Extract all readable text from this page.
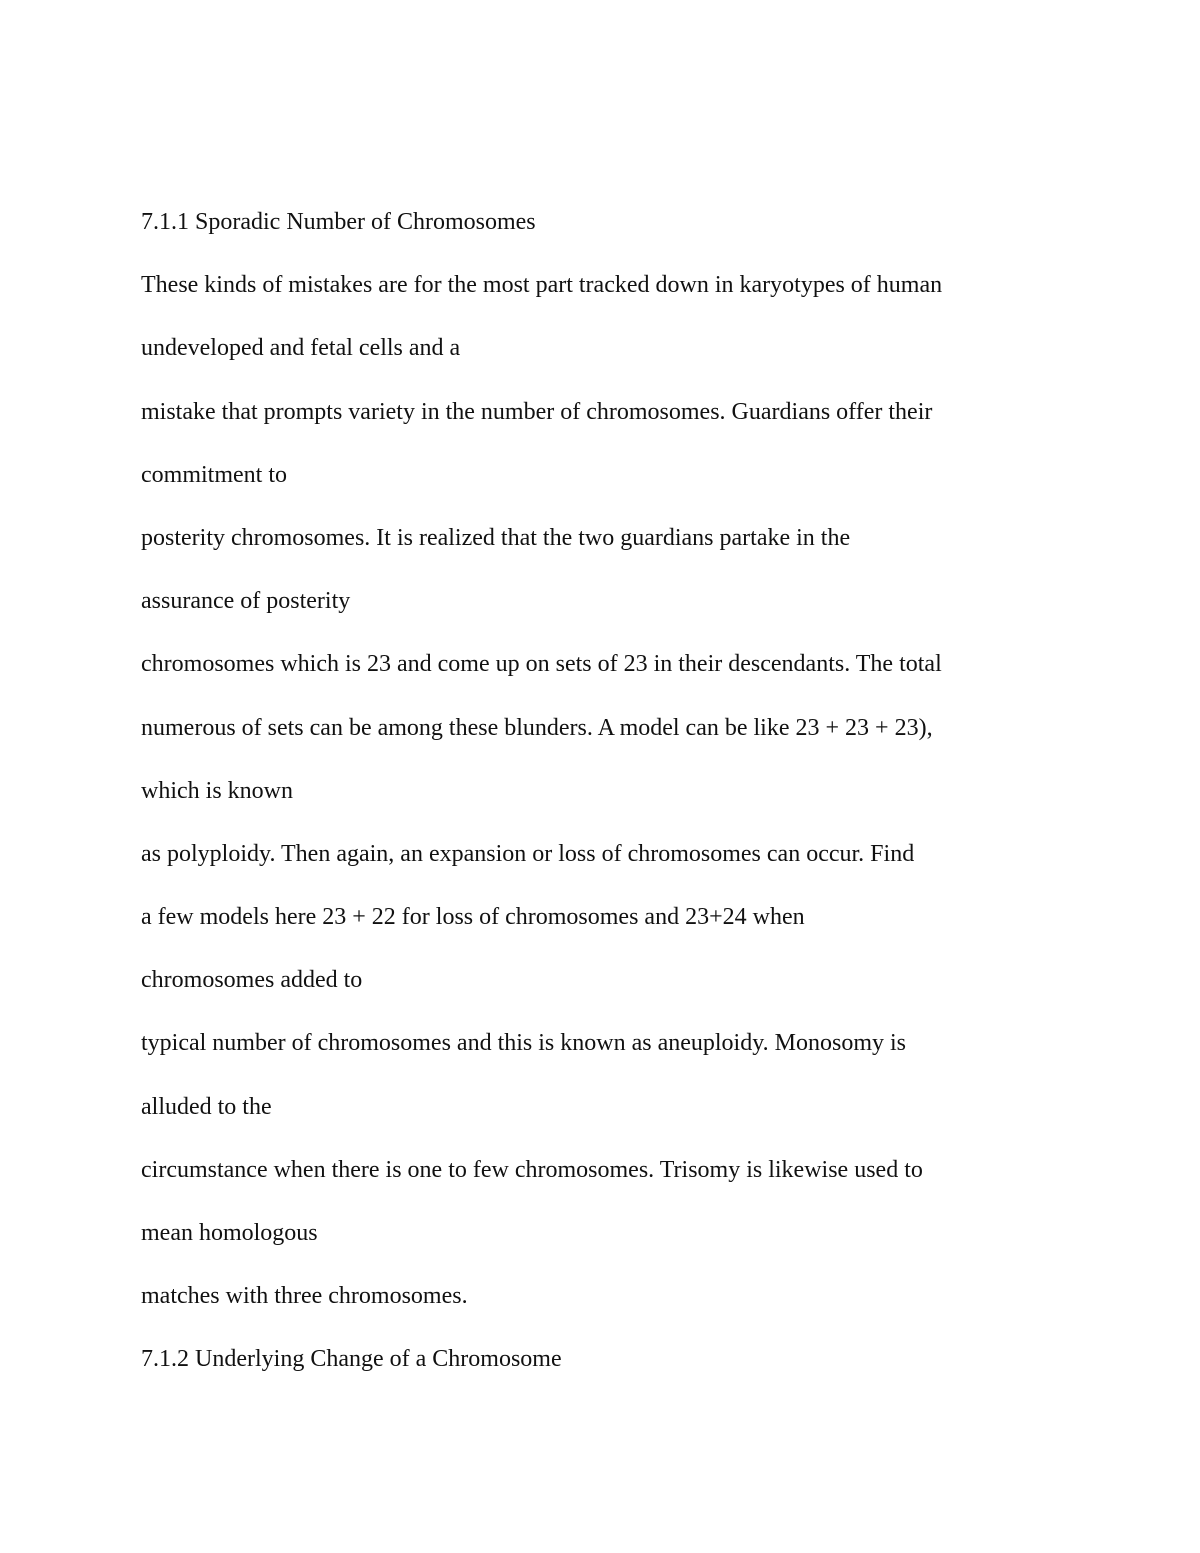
7.1.1 Sporadic Number of Chromosomes
These kinds of mistakes are for the most part tracked down in karyotypes of human
undeveloped and fetal cells and a
mistake that prompts variety in the number of chromosomes. Guardians offer their
commitment to
posterity chromosomes. It is realized that the two guardians partake in the
assurance of posterity
chromosomes which is 23 and come up on sets of 23 in their descendants. The total
numerous of sets can be among these blunders. A model can be like 23 + 23 + 23),
which is known
as polyploidy. Then again, an expansion or loss of chromosomes can occur. Find
a few models here 23 + 22 for loss of chromosomes and 23+24 when
chromosomes added to
typical number of chromosomes and this is known as aneuploidy. Monosomy is
alluded to the
circumstance when there is one to few chromosomes. Trisomy is likewise used to
mean homologous
matches with three chromosomes.
7.1.2 Underlying Change of a Chromosome
